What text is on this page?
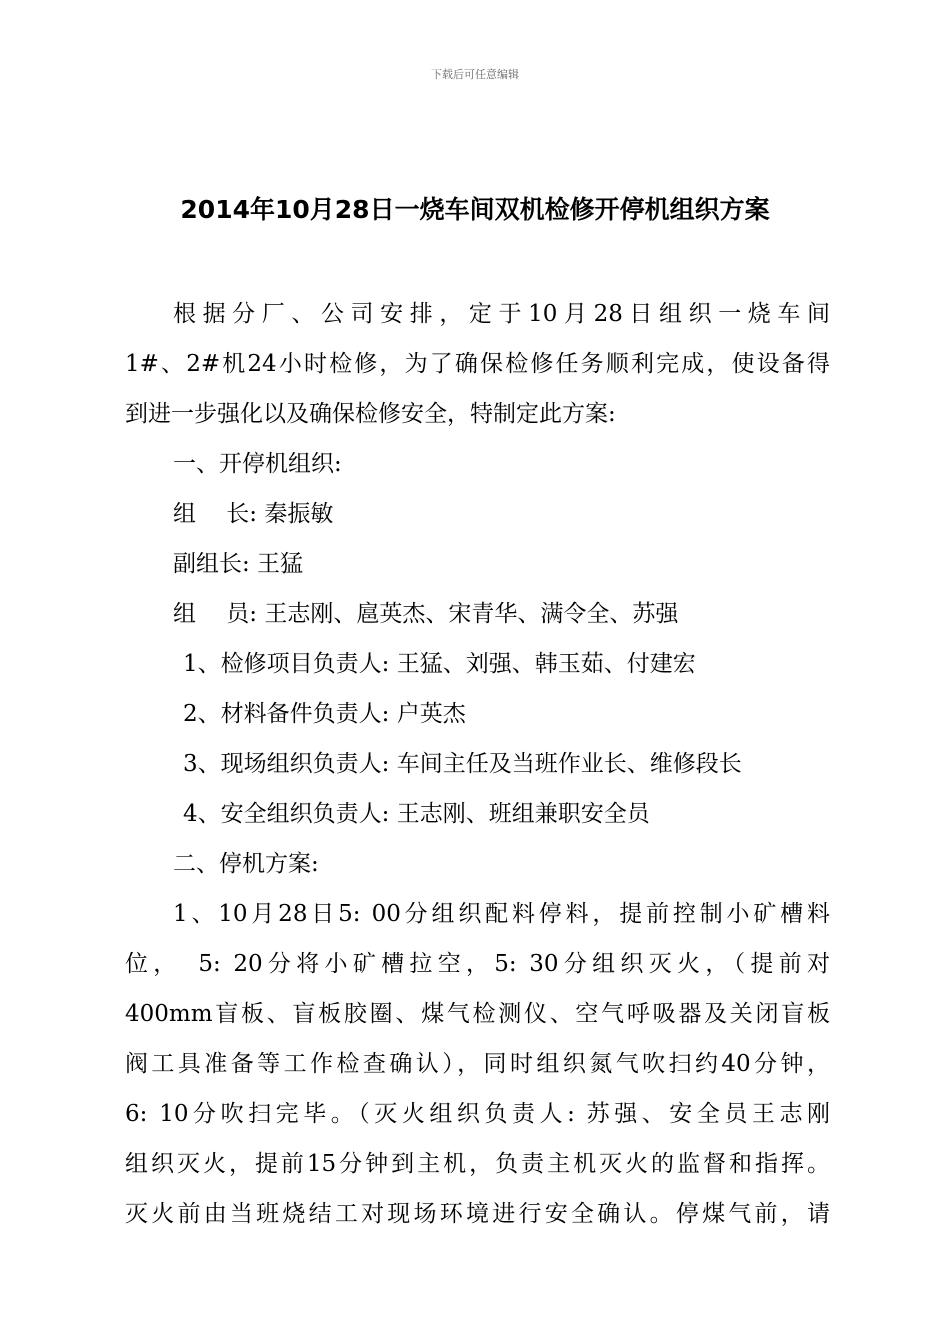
下载后可任意编辑
2014年10月28日一烧车间双机检修开停机组织方案
根据分厂、公司安排，定于10月28日组织一烧车间
1#、2#机24小时检修，为了确保检修任务顺利完成，使设备得
到进一步强化以及确保检修安全，特制定此方案:
一、开停机组织:
组　 长: 秦振敏
副组长: 王猛
组　 员: 王志刚、扈英杰、宋青华、满令全、苏强
1、检修项目负责人: 王猛、刘强、韩玉茹、付建宏
2、材料备件负责人: 户英杰
3、现场组织负责人: 车间主任及当班作业长、维修段长
4、安全组织负责人: 王志刚、班组兼职安全员
二、停机方案:
1、10月28日5: 00分组织配料停料，提前控制小矿槽料
位，　5: 20分将小矿槽拉空，5: 30分组织灭火，（提前对
400mm盲板、盲板胶圈、煤气检测仪、空气呼吸器及关闭盲板
阀工具准备等工作检查确认），同时组织氮气吹扫约40分钟，
6: 10分吹扫完毕。（灭火组织负责人: 苏强、安全员王志刚
组织灭火，提前15分钟到主机，负责主机灭火的监督和指挥。
灭火前由当班烧结工对现场环境进行安全确认。停煤气前，请
